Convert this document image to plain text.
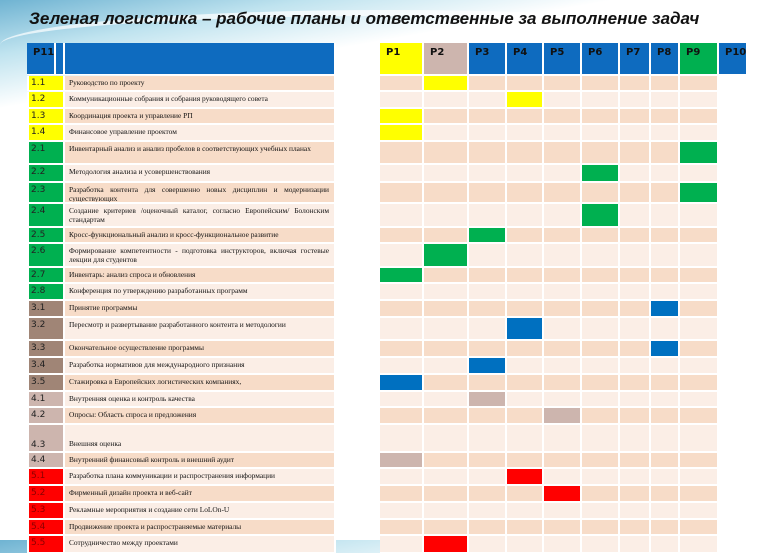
Зеленая логистика – рабочие планы и ответственные за выполнение задач
P1	P2	P3	P4	P5	P6	P7	P8	P9	P10
P11
1.1	Руководство по проекту
1.2	Коммуникационные собрания и собрания руководящего совета
1.3	Координация проекта и управление РП
1.4	Финансовое управление проектом
2.1	Инвентарный анализ и анализ пробелов в соответствующих учебных планах
2.2	Методология анализа и усовершенствования
2.3	Разработка контента для совершенно новых дисциплин и модернизации существующих
2.4	Создание критериев /оценочный каталог, согласно Европейским/ Болонским стандартам
2.5	Кросс-функциональный анализ и кросс-функциональное развитие
2.6	Формирование компетентности - подготовка инструкторов, включая гостевые лекции для студентов
2.7	Инвентарь: анализ спроса и обновления
2.8	Конференция по утверждению разработанных программ
3.1	Принятие программы
3.2	Пересмотр и развертывание разработанного контента и методологии
3.3	Окончательное осуществление программы
3.4	Разработка нормативов для международного признания
3.5	Стажировка в Европейских логистических компаниях,
4.1	Внутренняя оценка и контроль качества
4.2	Опросы: Область спроса и предложения
4.3	Внешняя оценка
4.4	Внутренний финансовый контроль и внешний аудит
5.1	Разработка плана коммуникации и распространения информации
5.2	Фирменный дизайн проекта и веб-сайт
5.3	Рекламные мероприятия и создание сети LoLOn-U
5.4	Продвижение проекта и распространяемые материалы
5.5	Сотрудничество между проектами
